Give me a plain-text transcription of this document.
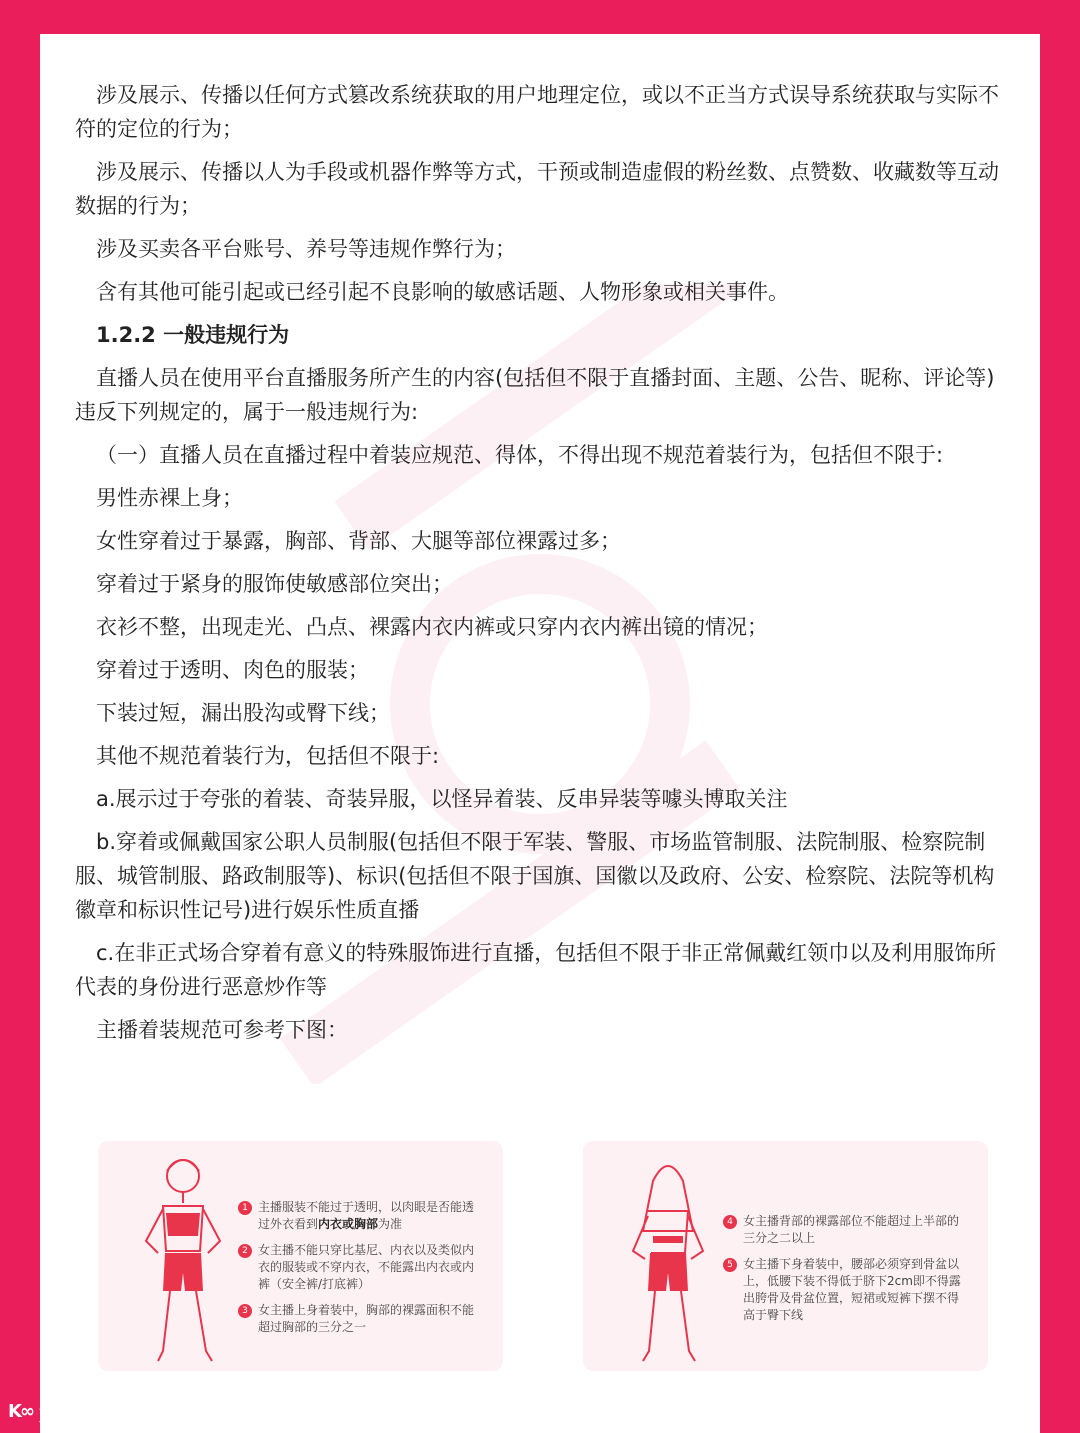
涉及展示、传播以任何方式篡改系统获取的用户地理定位，或以不正当方式误导系统获取与实际不符的定位的行为；

涉及展示、传播以人为手段或机器作弊等方式，干预或制造虚假的粉丝数、点赞数、收藏数等互动数据的行为；

涉及买卖各平台账号、养号等违规作弊行为；

含有其他可能引起或已经引起不良影响的敏感话题、人物形象或相关事件。

1.2.2 一般违规行为

直播人员在使用平台直播服务所产生的内容(包括但不限于直播封面、主题、公告、昵称、评论等)违反下列规定的，属于一般违规行为:

（一）直播人员在直播过程中着装应规范、得体，不得出现不规范着装行为，包括但不限于:

男性赤裸上身；

女性穿着过于暴露，胸部、背部、大腿等部位裸露过多；

穿着过于紧身的服饰使敏感部位突出；

衣衫不整，出现走光、凸点、裸露内衣内裤或只穿内衣内裤出镜的情况；

穿着过于透明、肉色的服装；

下装过短，漏出股沟或臀下线；

其他不规范着装行为，包括但不限于:

a.展示过于夸张的着装、奇装异服，以怪异着装、反串异装等噱头博取关注

b.穿着或佩戴国家公职人员制服(包括但不限于军装、警服、市场监管制服、法院制服、检察院制服、城管制服、路政制服等)、标识(包括但不限于国旗、国徽以及政府、公安、检察院、法院等机构徽章和标识性记号)进行娱乐性质直播

c.在非正式场合穿着有意义的特殊服饰进行直播，包括但不限于非正常佩戴红领巾以及利用服饰所代表的身份进行恶意炒作等

主播着装规范可参考下图：

1 主播服装不能过于透明，以肉眼是否能透过外衣看到内衣或胸部为准
2 女主播不能只穿比基尼、内衣以及类似内衣的服装或不穿内衣，不能露出内衣或内裤（安全裤/打底裤）
3 女主播上身着装中，胸部的裸露面积不能超过胸部的三分之一
4 女主播背部的裸露部位不能超过上半部的三分之二以上
5 女主播下身着装中，腰部必须穿到骨盆以上，低腰下装不得低于脐下2cm即不得露出胯骨及骨盆位置，短裙或短裤下摆不得高于臀下线
K∞ 大数跨境
